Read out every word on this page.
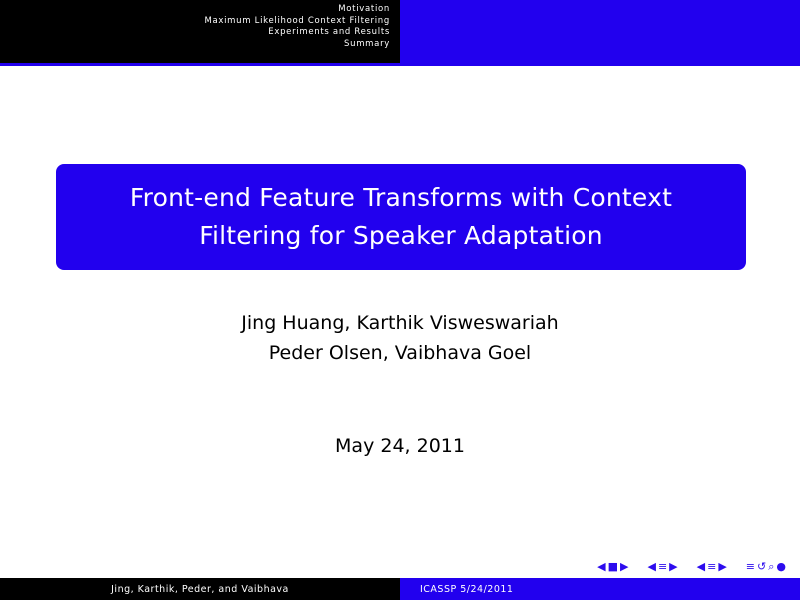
Motivation
Maximum Likelihood Context Filtering
Experiments and Results
Summary
Front-end Feature Transforms with Context
Filtering for Speaker Adaptation
Jing Huang, Karthik Visweswariah
Peder Olsen, Vaibhava Goel
May 24, 2011
◀ ■ ▶ ◀ ≡ ▶ ◀ ≡ ▶ ≡ ↺ ⌕ ●
Jing, Karthik, Peder, and Vaibhava	ICASSP 5/24/2011
